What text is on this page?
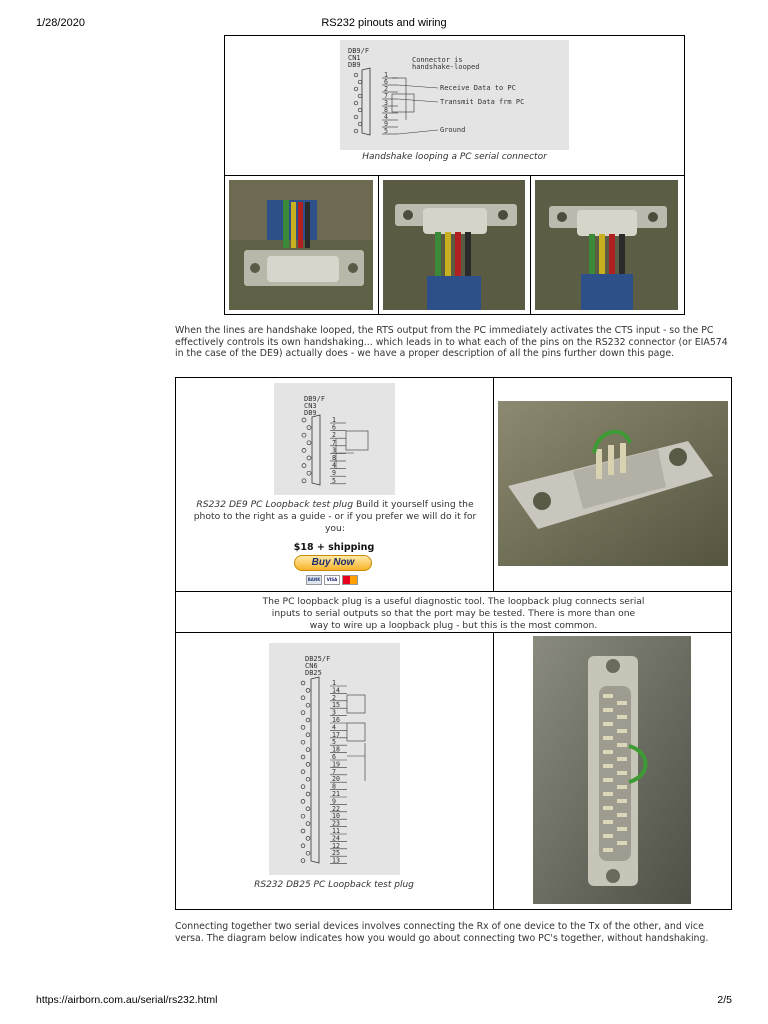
1/28/2020	RS232 pinouts and wiring
DB9/F
CN1
DB9
1
6
2
7
3
8
4
9
5
Connector is
handshake-looped
Receive Data to PC
Transmit Data frm PC
Ground
Handshake looping a PC serial connector
When the lines are handshake looped, the RTS output from the PC immediately activates the CTS input - so the PC effectively controls its own handshaking... which leads in to what each of the pins on the RS232 connector (or EIA574 in the case of the DE9) actually does - we have a proper description of all the pins further down this page.
DB9/F
CN3
DB9
1
6
2
7
3
8
4
9
5
RS232 DE9 PC Loopback test plug Build it yourself using the photo to the right as a guide - or if you prefer we will do it for you:
$18 + shipping
Buy Now
BANK	VISA
The PC loopback plug is a useful diagnostic tool. The loopback plug connects serial inputs to serial outputs so that the port may be tested. There is more than one way to wire up a loopback plug - but this is the most common.
DB25/F
CN6
DB25
1
14
2
15
3
16
4
17
5
18
6
19
7
20
8
21
9
22
10
23
11
24
12
25
13
RS232 DB25 PC Loopback test plug
Connecting together two serial devices involves connecting the Rx of one device to the Tx of the other, and vice versa. The diagram below indicates how you would go about connecting two PC's together, without handshaking.
https://airborn.com.au/serial/rs232.html	2/5
